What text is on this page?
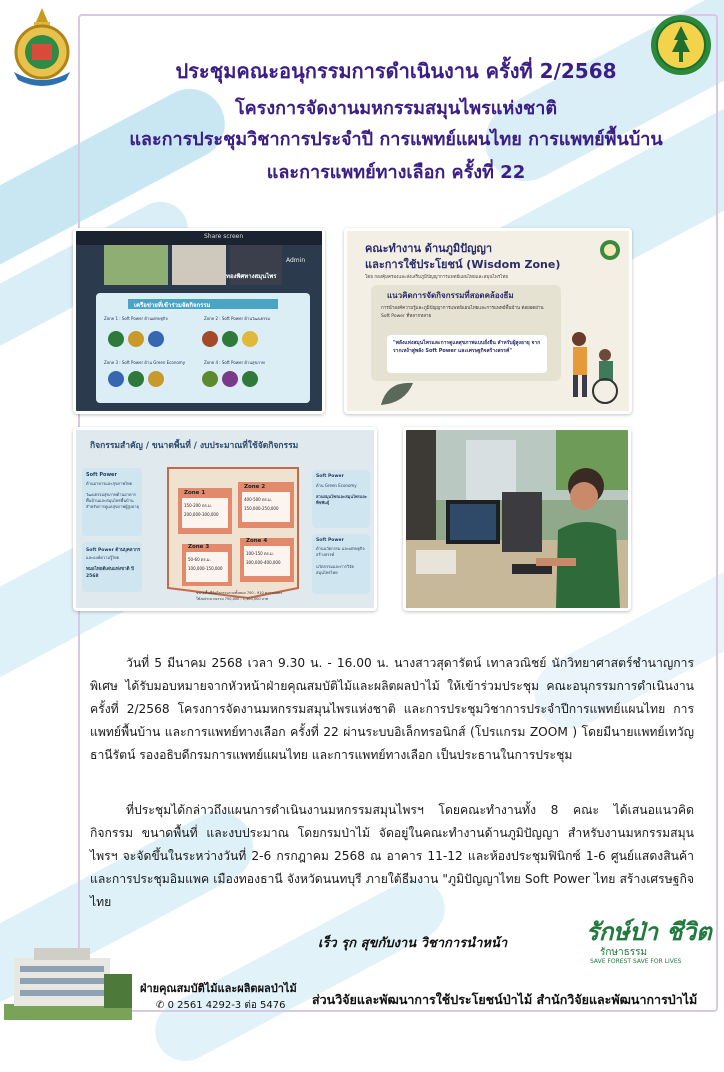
ประชุมคณะอนุกรรมการดำเนินงาน ครั้งที่ 2/2568
โครงการจัดงานมหกรรมสมุนไพรแห่งชาติ
และการประชุมวิชาการประจำปี การแพทย์แผนไทย การแพทย์พื้นบ้าน
และการแพทย์ทางเลือก ครั้งที่ 22
Share screen
Admin
ทองพิศทางสมุนไพร
เครือข่ายที่เข้าร่วมจัดกิจกรรม
Zone 1 : Soft Power ด้านเศรษฐกิจ	Zone 2 : Soft Power ด้านวัฒนธรรม
Zone 3 : Soft Power ด้าน Green Economy	Zone 4 : Soft Power ด้านสุขภาพ
คณะทำงาน ด้านภูมิปัญญา
และการใช้ประโยชน์ (Wisdom Zone)
โดย กองคุ้มครองและส่งเสริมภูมิปัญญาการแพทย์แผนไทยและสมุนไพรไทย
แนวคิดการจัดกิจกรรมที่สอดคล้องธีม
การนำองค์ความรู้และภูมิปัญญาการแพทย์แผนไทยและการแพทย์พื้นบ้าน ต่อยอดผ่าน Soft Power ที่หลากหลาย
"พลังแห่งสมุนไพรและการดูแลสุขภาพแบบยั่งยืน สำหรับผู้สูงอายุ จากรากเหง้าสู่พลัง Soft Power และเศรษฐกิจสร้างสรรค์"
กิจกรรมสำคัญ / ขนาดพื้นที่ / งบประมาณที่ใช้จัดกิจกรรม
Soft Power
ด้านอาหารและสุขภาพไทย
วัฒนธรรมสุขภาพด้านอาหาร พื้นบ้านและสมุนไพรพื้นบ้าน สำหรับการดูแลสุขภาพผู้สูงอายุ
Soft Power ด้านบุคลากร
และองค์ความรู้ไทย
หมอไทยดีเด่นแห่งชาติ ปี 2568
Zone 1
150-200 ตร.ม.
200,000-300,000
Zone 2
400-500 ตร.ม.
150,000-250,000
Zone 3
50-60 ตร.ม.
100,000-150,000
Zone 4
100-150 ตร.ม.
300,000-400,000
Soft Power
ด้าน Green Economy
สวนสมุนไพรและสมุนไพรและพืชพันธุ์
Soft Power
ด้านนวัตกรรม และเศรษฐกิจสร้างสรรค์
นวัตกรรมและการวิจัยสมุนไพรไทย
ขนาดพื้นที่จัดกิจกรรมรวมทั้งหมด 700 - 910 ตารางเมตร
ใช้งบประมาณรวม 750,000 - 1,100,000 บาท

วันที่ 5 มีนาคม 2568 เวลา 9.30 น. - 16.00 น. นางสาวสุดารัตน์ เทาลวณิชย์ นักวิทยาศาสตร์ชำนาญการพิเศษ ได้รับมอบหมายจากหัวหน้าฝ่ายคุณสมบัติไม้และผลิตผลป่าไม้ ให้เข้าร่วมประชุม คณะอนุกรรมการดำเนินงาน ครั้งที่ 2/2568 โครงการจัดงานมหกรรมสมุนไพรแห่งชาติ และการประชุมวิชาการประจำปีการแพทย์แผนไทย การแพทย์พื้นบ้าน และการแพทย์ทางเลือก ครั้งที่ 22 ผ่านระบบอิเล็กทรอนิกส์ (โปรแกรม ZOOM ) โดยมีนายแพทย์เทวัญ ธานีรัตน์ รองอธิบดีกรมการแพทย์แผนไทย และการแพทย์ทางเลือก เป็นประธานในการประชุม

ที่ประชุมได้กล่าวถึงแผนการดำเนินงานมหกรรมสมุนไพรฯ โดยคณะทำงานทั้ง 8 คณะ ได้เสนอแนวคิด กิจกรรม ขนาดพื้นที่ และงบประมาณ โดยกรมป่าไม้ จัดอยู่ในคณะทำงานด้านภูมิปัญญา สำหรับงานมหกรรมสมุนไพรฯ จะจัดขึ้นในระหว่างวันที่ 2-6 กรกฎาคม 2568 ณ อาคาร 11-12 และห้องประชุมฟินิกซ์ 1-6 ศูนย์แสดงสินค้าและการประชุมอิมแพค เมืองทองธานี จังหวัดนนทบุรี ภายใต้ธีมงาน "ภูมิปัญญาไทย Soft Power ไทย สร้างเศรษฐกิจไทย

เร็ว รุก สุขกับงาน วิชาการนำหน้า
ฝ่ายคุณสมบัติไม้และผลิตผลป่าไม้
✆ 0 2561 4292-3 ต่อ 5476 ส่วนวิจัยและพัฒนาการใช้ประโยชน์ป่าไม้ สำนักวิจัยและพัฒนาการป่าไม้
รักษ์ป่า ชีวิต
รักษาธรรม
SAVE FOREST SAVE FOR LIVES
